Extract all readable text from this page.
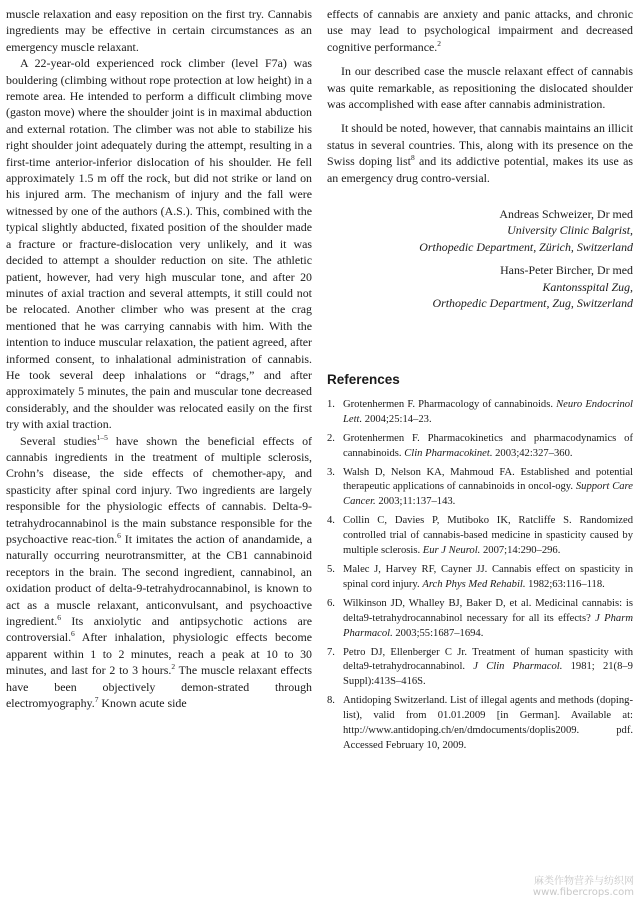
muscle relaxation and easy reposition on the first try. Cannabis ingredients may be effective in certain circumstances as an emergency muscle relaxant.

A 22-year-old experienced rock climber (level F7a) was bouldering (climbing without rope protection at low height) in a remote area. He intended to perform a difficult climbing move (gaston move) where the shoulder joint is in maximal abduction and external rotation. The climber was not able to stabilize his right shoulder joint adequately during the attempt, resulting in a first-time anterior-inferior dislocation of his shoulder. He fell approximately 1.5 m off the rock, but did not strike or land on his injured arm. The mechanism of injury and the fall were witnessed by one of the authors (A.S.). This, combined with the typical slightly abducted, fixated position of the shoulder made a fracture or fracture-dislocation very unlikely, and it was decided to attempt a shoulder reduction on site. The athletic patient, however, had very high muscular tone, and after 20 minutes of axial traction and several attempts, it still could not be relocated. Another climber who was present at the crag mentioned that he was carrying cannabis with him. With the intention to induce muscular relaxation, the patient agreed, after informed consent, to inhalational administration of cannabis. He took several deep inhalations or “drags,” and after approximately 5 minutes, the pain and muscular tone decreased considerably, and the shoulder was relocated easily on the first try with axial traction.

Several studies$^{1-5}$ have shown the beneficial effects of cannabis ingredients in the treatment of multiple sclerosis, Crohn’s disease, the side effects of chemother-apy, and spasticity after spinal cord injury. Two ingredients are largely responsible for the physiologic effects of cannabis. Delta-9-tetrahydrocannabinol is the main substance responsible for the psychoactive reac-tion.$^6$ It imitates the action of anandamide, a naturally occurring neurotransmitter, at the CB1 cannabinoid receptors in the brain. The second ingredient, cannabinol, an oxidation product of delta-9-tetrahydrocannabinol, is known to act as a muscle relaxant, anticonvulsant, and psychoactive ingredient.$^6$ Its anxiolytic and antipsychotic actions are controversial.$^6$ After inhalation, physiologic effects become apparent within 1 to 2 minutes, reach a peak at 10 to 30 minutes, and last for 2 to 3 hours.$^2$ The muscle relaxant effects have been objectively demon-strated through electromyography.$^7$ Known acute side

effects of cannabis are anxiety and panic attacks, and chronic use may lead to psychological impairment and decreased cognitive performance.$^2$

In our described case the muscle relaxant effect of cannabis was quite remarkable, as repositioning the dislocated shoulder was accomplished with ease after cannabis administration.

It should be noted, however, that cannabis maintains an illicit status in several countries. This, along with its presence on the Swiss doping list$^8$ and its addictive potential, makes its use as an emergency drug contro-versial.

Andreas Schweizer, Dr med
University Clinic Balgrist,
Orthopedic Department, Zürich, Switzerland
Hans-Peter Bircher, Dr med
Kantonsspital Zug,
Orthopedic Department, Zug, Switzerland
References
1. Grotenhermen F. Pharmacology of cannabinoids. Neuro Endocrinol Lett. 2004;25:14–23.
2. Grotenhermen F. Pharmacokinetics and pharmacodynamics of cannabinoids. Clin Pharmacokinet. 2003;42:327–360.
3. Walsh D, Nelson KA, Mahmoud FA. Established and potential therapeutic applications of cannabinoids in oncol-ogy. Support Care Cancer. 2003;11:137–143.
4. Collin C, Davies P, Mutiboko IK, Ratcliffe S. Randomized controlled trial of cannabis-based medicine in spasticity caused by multiple sclerosis. Eur J Neurol. 2007;14:290–296.
5. Malec J, Harvey RF, Cayner JJ. Cannabis effect on spasticity in spinal cord injury. Arch Phys Med Rehabil. 1982;63:116–118.
6. Wilkinson JD, Whalley BJ, Baker D, et al. Medicinal cannabis: is delta9-tetrahydrocannabinol necessary for all its effects? J Pharm Pharmacol. 2003;55:1687–1694.
7. Petro DJ, Ellenberger C Jr. Treatment of human spasticity with delta9-tetrahydrocannabinol. J Clin Pharmacol. 1981; 21(8–9 Suppl):413S–416S.
8. Antidoping Switzerland. List of illegal agents and methods (doping-list), valid from 01.01.2009 [in German]. Available at: http://www.antidoping.ch/en/dmdocuments/doplis2009. pdf. Accessed February 10, 2009.
麻类作物营养与纺织网
www.fibercrops.com
